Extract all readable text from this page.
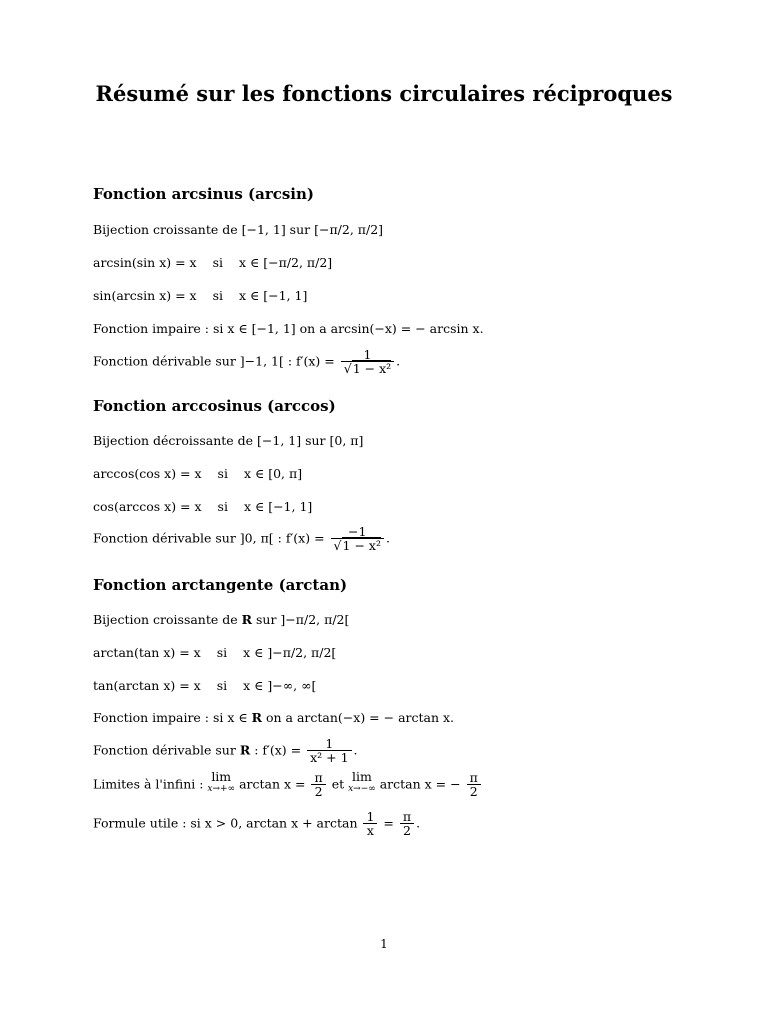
Résumé sur les fonctions circulaires réciproques
Fonction arcsinus (arcsin)
Bijection croissante de [−1, 1] sur [−π/2, π/2]
arcsin(sin x) = x si x ∈ [−π/2, π/2]
sin(arcsin x) = x si x ∈ [−1, 1]
Fonction impaire : si x ∈ [−1, 1] on a arcsin(−x) = − arcsin x.
Fonction dérivable sur ]−1, 1[ : $f'(x) = \frac{1}{\text{√1 − x²}}$ .
Fonction arccosinus (arccos)
Bijection décroissante de [−1, 1] sur [0, π]
arccos(cos x) = x si x ∈ [0, π]
cos(arccos x) = x si x ∈ [−1, 1]
Fonction dérivable sur ]0, π[ : $f'(x) = \frac{-1}{\text{√1 − x²}}$ .
Fonction arctangente (arctan)
Bijection croissante de R sur ]−π/2, π/2[
arctan(tan x) = x si x ∈ ]−π/2, π/2[
tan(arctan x) = x si x ∈ ]−∞, ∞[
Fonction impaire : si x ∈ R on a arctan(−x) = − arctan x.
Fonction dérivable sur R : $f'(x) = \frac{1}{\text{x² + 1}}$ .
Limites à l'infini : lim
x→+∞ $\arctan x = \frac{\pi}{2}$ et lim
x→−∞ arctan x = − $\frac{\pi}{2}$
Formule utile : si x > 0, $\arctan x + \arctan \frac{1}{x} = \frac{\pi}{2}$ .
1
